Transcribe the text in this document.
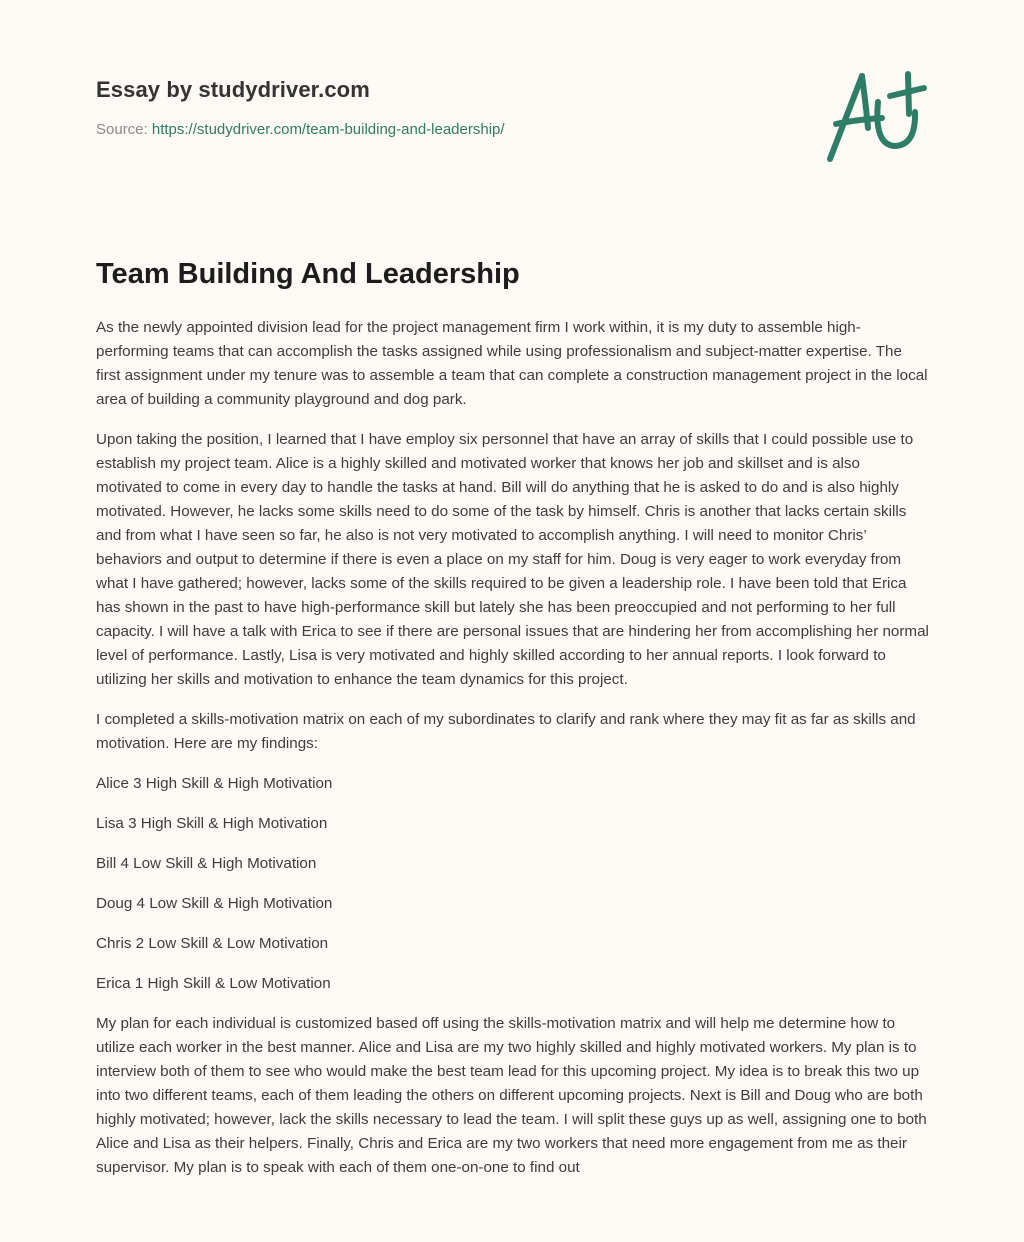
Essay by studydriver.com
Source: https://studydriver.com/team-building-and-leadership/
Team Building And Leadership

As the newly appointed division lead for the project management firm I work within, it is my duty to assemble high-performing teams that can accomplish the tasks assigned while using professionalism and subject-matter expertise. The first assignment under my tenure was to assemble a team that can complete a construction management project in the local area of building a community playground and dog park.

Upon taking the position, I learned that I have employ six personnel that have an array of skills that I could possible use to establish my project team. Alice is a highly skilled and motivated worker that knows her job and skillset and is also motivated to come in every day to handle the tasks at hand. Bill will do anything that he is asked to do and is also highly motivated. However, he lacks some skills need to do some of the task by himself. Chris is another that lacks certain skills and from what I have seen so far, he also is not very motivated to accomplish anything. I will need to monitor Chris’ behaviors and output to determine if there is even a place on my staff for him. Doug is very eager to work everyday from what I have gathered; however, lacks some of the skills required to be given a leadership role. I have been told that Erica has shown in the past to have high-performance skill but lately she has been preoccupied and not performing to her full capacity. I will have a talk with Erica to see if there are personal issues that are hindering her from accomplishing her normal level of performance. Lastly, Lisa is very motivated and highly skilled according to her annual reports. I look forward to utilizing her skills and motivation to enhance the team dynamics for this project.

I completed a skills-motivation matrix on each of my subordinates to clarify and rank where they may fit as far as skills and motivation. Here are my findings:

Alice 3 High Skill & High Motivation

Lisa 3 High Skill & High Motivation

Bill 4 Low Skill & High Motivation

Doug 4 Low Skill & High Motivation

Chris 2 Low Skill & Low Motivation

Erica 1 High Skill & Low Motivation

My plan for each individual is customized based off using the skills-motivation matrix and will help me determine how to utilize each worker in the best manner. Alice and Lisa are my two highly skilled and highly motivated workers. My plan is to interview both of them to see who would make the best team lead for this upcoming project. My idea is to break this two up into two different teams, each of them leading the others on different upcoming projects. Next is Bill and Doug who are both highly motivated; however, lack the skills necessary to lead the team. I will split these guys up as well, assigning one to both Alice and Lisa as their helpers. Finally, Chris and Erica are my two workers that need more engagement from me as their supervisor. My plan is to speak with each of them one-on-one to find out
